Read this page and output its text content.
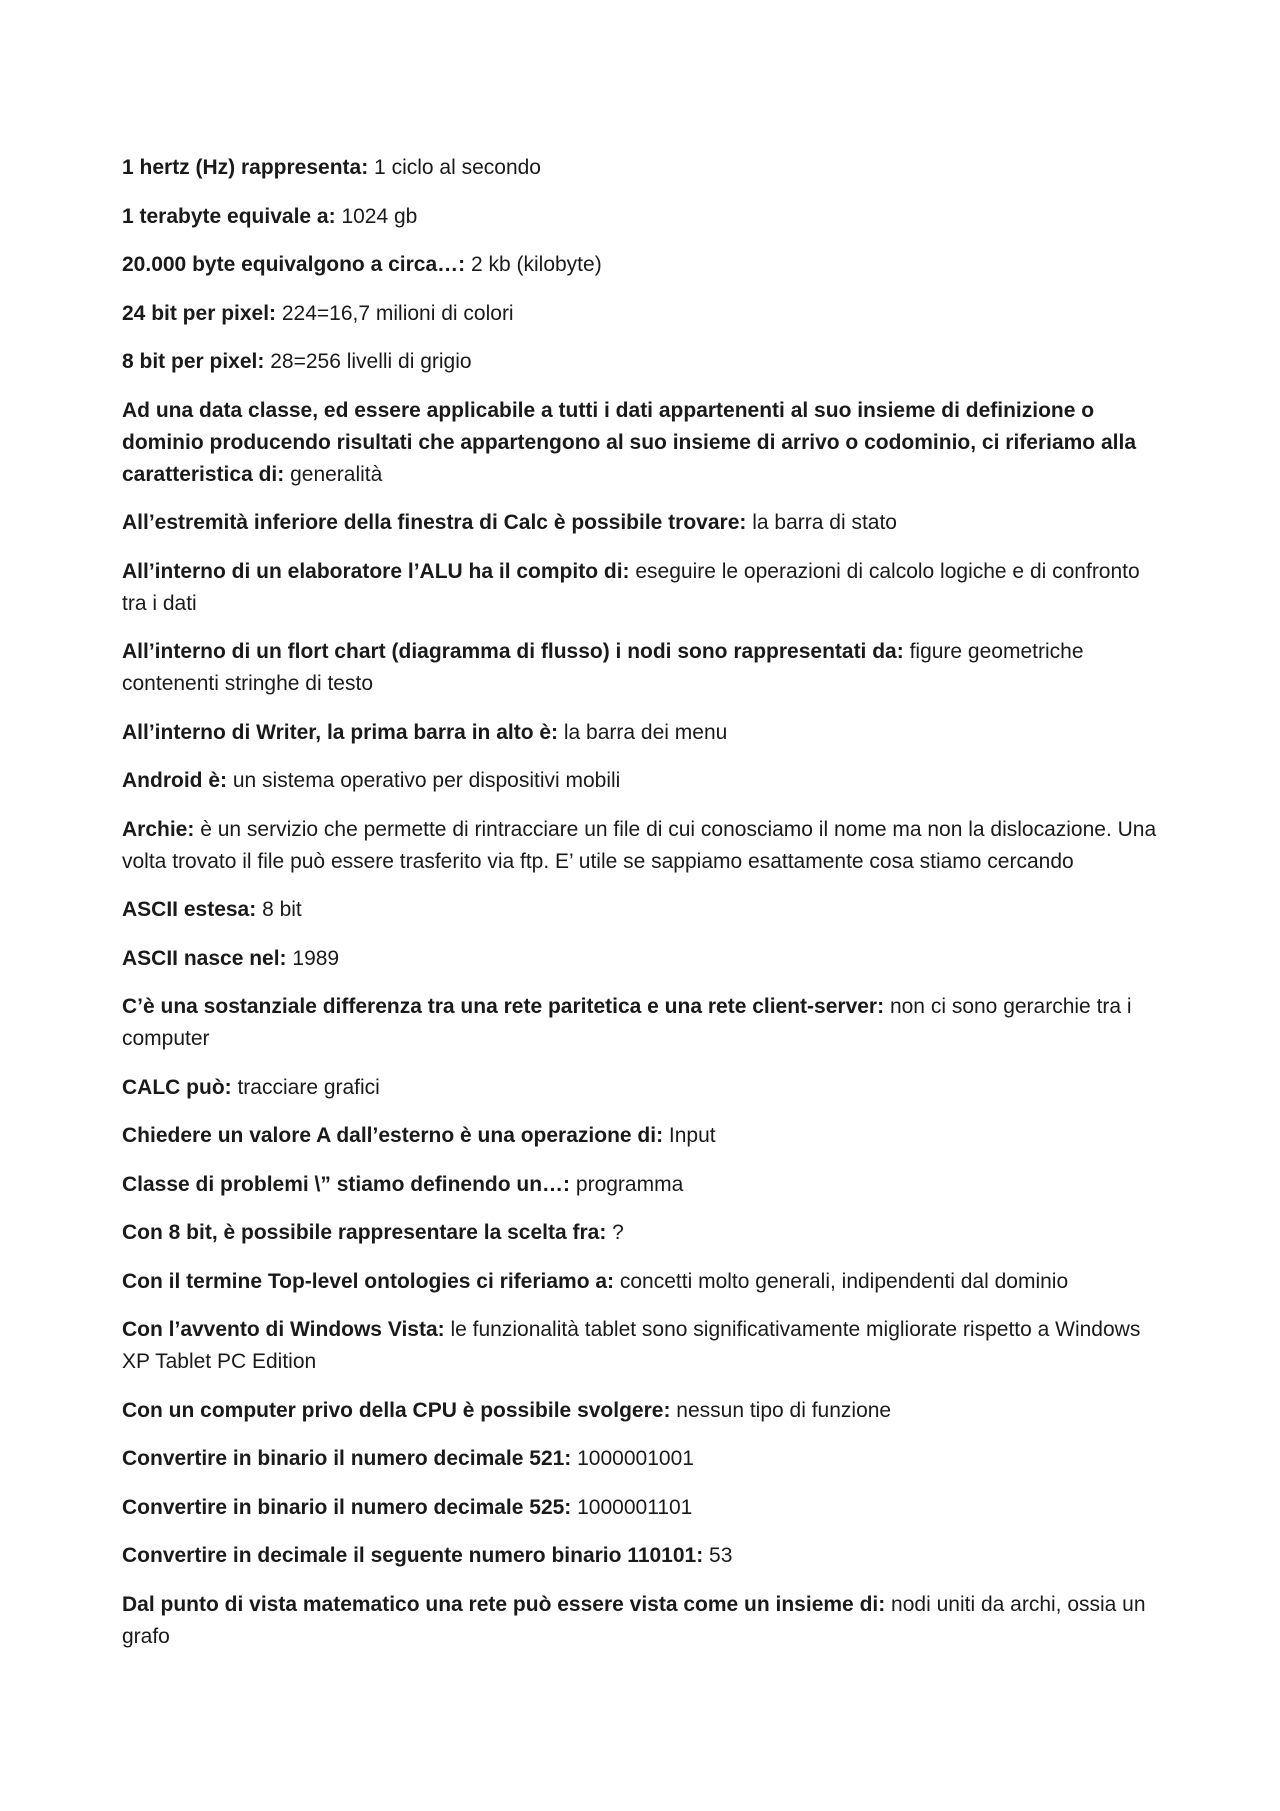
1 hertz (Hz) rappresenta: 1 ciclo al secondo

1 terabyte equivale a: 1024 gb

20.000 byte equivalgono a circa…: 2 kb (kilobyte)

24 bit per pixel: 224=16,7 milioni di colori

8 bit per pixel: 28=256 livelli di grigio

Ad una data classe, ed essere applicabile a tutti i dati appartenenti al suo insieme di definizione o dominio producendo risultati che appartengono al suo insieme di arrivo o codominio, ci riferiamo alla caratteristica di: generalità

All’estremità inferiore della finestra di Calc è possibile trovare: la barra di stato

All’interno di un elaboratore l’ALU ha il compito di: eseguire le operazioni di calcolo logiche e di confronto tra i dati

All’interno di un flort chart (diagramma di flusso) i nodi sono rappresentati da: figure geometriche contenenti stringhe di testo

All’interno di Writer, la prima barra in alto è: la barra dei menu

Android è: un sistema operativo per dispositivi mobili

Archie: è un servizio che permette di rintracciare un file di cui conosciamo il nome ma non la dislocazione. Una volta trovato il file può essere trasferito via ftp. E’ utile se sappiamo esattamente cosa stiamo cercando

ASCII estesa: 8 bit

ASCII nasce nel: 1989

C’è una sostanziale differenza tra una rete paritetica e una rete client-server: non ci sono gerarchie tra i computer

CALC può: tracciare grafici

Chiedere un valore A dall’esterno è una operazione di: Input

Classe di problemi \” stiamo definendo un…: programma

Con 8 bit, è possibile rappresentare la scelta fra: ?

Con il termine Top-level ontologies ci riferiamo a: concetti molto generali, indipendenti dal dominio

Con l’avvento di Windows Vista: le funzionalità tablet sono significativamente migliorate rispetto a Windows XP Tablet PC Edition

Con un computer privo della CPU è possibile svolgere: nessun tipo di funzione

Convertire in binario il numero decimale 521: 1000001001

Convertire in binario il numero decimale 525: 1000001101

Convertire in decimale il seguente numero binario 110101: 53

Dal punto di vista matematico una rete può essere vista come un insieme di: nodi uniti da archi, ossia un grafo
